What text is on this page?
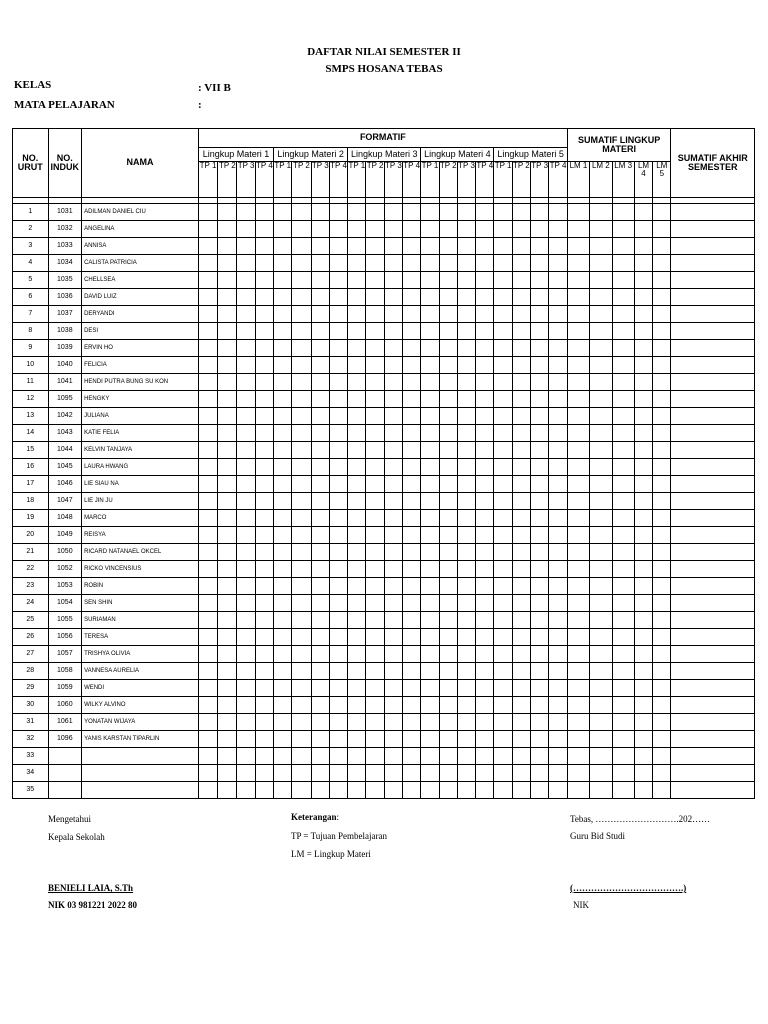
DAFTAR NILAI SEMESTER II
SMPS HOSANA TEBAS
KELAS	: VII B
MATA PELAJARAN	:
NO. URUT	NO. INDUK	NAMA	FORMATIF																				SUMATIF LINGKUP MATERI					SUMATIF AKHIR SEMESTER
			Lingkup Materi 1				Lingkup Materi 2				Lingkup Materi 3				Lingkup Materi 4				Lingkup Materi 5									
			TP 1	TP 2	TP 3	TP 4	TP 1	TP 2	TP 3	TP 4	TP 1	TP 2	TP 3	TP 4	TP 1	TP 2	TP 3	TP 4	TP 1	TP 2	TP 3	TP 4	LM 1	LM 2	LM 3	LM 4	LM 5	

1	1031	ADILMAN DANIEL CIU																										
2	1032	ANGELINA																										
3	1033	ANNISA																										
4	1034	CALISTA PATRICIA																										
5	1035	CHELLSEA																										
6	1036	DAVID LUIZ																										
7	1037	DERYANDI																										
8	1038	DESI																										
9	1039	ERVIN HO																										
10	1040	FELICIA																										
11	1041	HENDI PUTRA BUNG SU KON																										
12	1095	HENGKY																										
13	1042	JULIANA																										
14	1043	KATIE FELIA																										
15	1044	KELVIN TANJAYA																										
16	1045	LAURA HWANG																										
17	1046	LIE SIAU NA																										
18	1047	LIE JIN JU																										
19	1048	MARCO																										
20	1049	REISYA																										
21	1050	RICARD NATANAEL OKCEL																										
22	1052	RICKO VINCENSIUS																										
23	1053	ROBIN																										
24	1054	SEN SHIN																										
25	1055	SURIAMAN																										
26	1056	TERESA																										
27	1057	TRISHYA OLIVIA																										
28	1058	VANNESA AURELIA																										
29	1059	WENDI																										
30	1060	WILKY ALVINO																										
31	1061	YONATAN WIJAYA																										
32	1096	YANIS KARSTAN TIPARLIN																										
33																												
34																												
35																												
Mengetahui
Kepala Sekolah
Keterangan:
TP = Tujuan Pembelajaran
LM = Lingkup Materi
Tebas, ……………………….202……
Guru Bid Studi
BENIELI LAIA, S.Th
NIK 03 981221 2022 80
(……………………………….)
NIK
